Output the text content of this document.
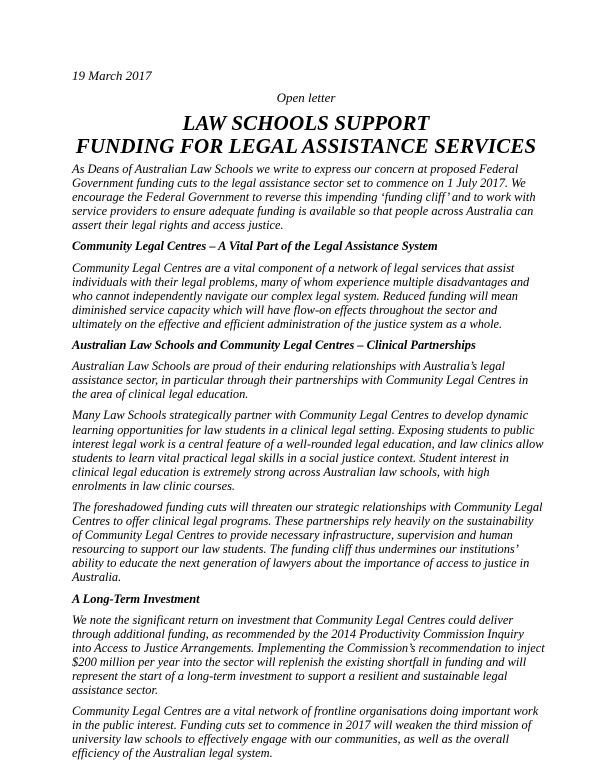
19 March 2017
Open letter
LAW SCHOOLS SUPPORT
FUNDING FOR LEGAL ASSISTANCE SERVICES

As Deans of Australian Law Schools we write to express our concern at proposed Federal Government funding cuts to the legal assistance sector set to commence on 1 July 2017. We encourage the Federal Government to reverse this impending ‘funding cliff’ and to work with service providers to ensure adequate funding is available so that people across Australia can assert their legal rights and access justice.

Community Legal Centres – A Vital Part of the Legal Assistance System

Community Legal Centres are a vital component of a network of legal services that assist individuals with their legal problems, many of whom experience multiple disadvantages and who cannot independently navigate our complex legal system. Reduced funding will mean diminished service capacity which will have flow-on effects throughout the sector and ultimately on the effective and efficient administration of the justice system as a whole.

Australian Law Schools and Community Legal Centres – Clinical Partnerships

Australian Law Schools are proud of their enduring relationships with Australia’s legal assistance sector, in particular through their partnerships with Community Legal Centres in the area of clinical legal education.

Many Law Schools strategically partner with Community Legal Centres to develop dynamic learning opportunities for law students in a clinical legal setting. Exposing students to public interest legal work is a central feature of a well-rounded legal education, and law clinics allow students to learn vital practical legal skills in a social justice context. Student interest in clinical legal education is extremely strong across Australian law schools, with high enrolments in law clinic courses.

The foreshadowed funding cuts will threaten our strategic relationships with Community Legal Centres to offer clinical legal programs. These partnerships rely heavily on the sustainability of Community Legal Centres to provide necessary infrastructure, supervision and human resourcing to support our law students. The funding cliff thus undermines our institutions’ ability to educate the next generation of lawyers about the importance of access to justice in Australia.

A Long-Term Investment

We note the significant return on investment that Community Legal Centres could deliver through additional funding, as recommended by the 2014 Productivity Commission Inquiry into Access to Justice Arrangements. Implementing the Commission’s recommendation to inject $200 million per year into the sector will replenish the existing shortfall in funding and will represent the start of a long-term investment to support a resilient and sustainable legal assistance sector.

Community Legal Centres are a vital network of frontline organisations doing important work in the public interest. Funding cuts set to commence in 2017 will weaken the third mission of university law schools to effectively engage with our communities, as well as the overall efficiency of the Australian legal system.
